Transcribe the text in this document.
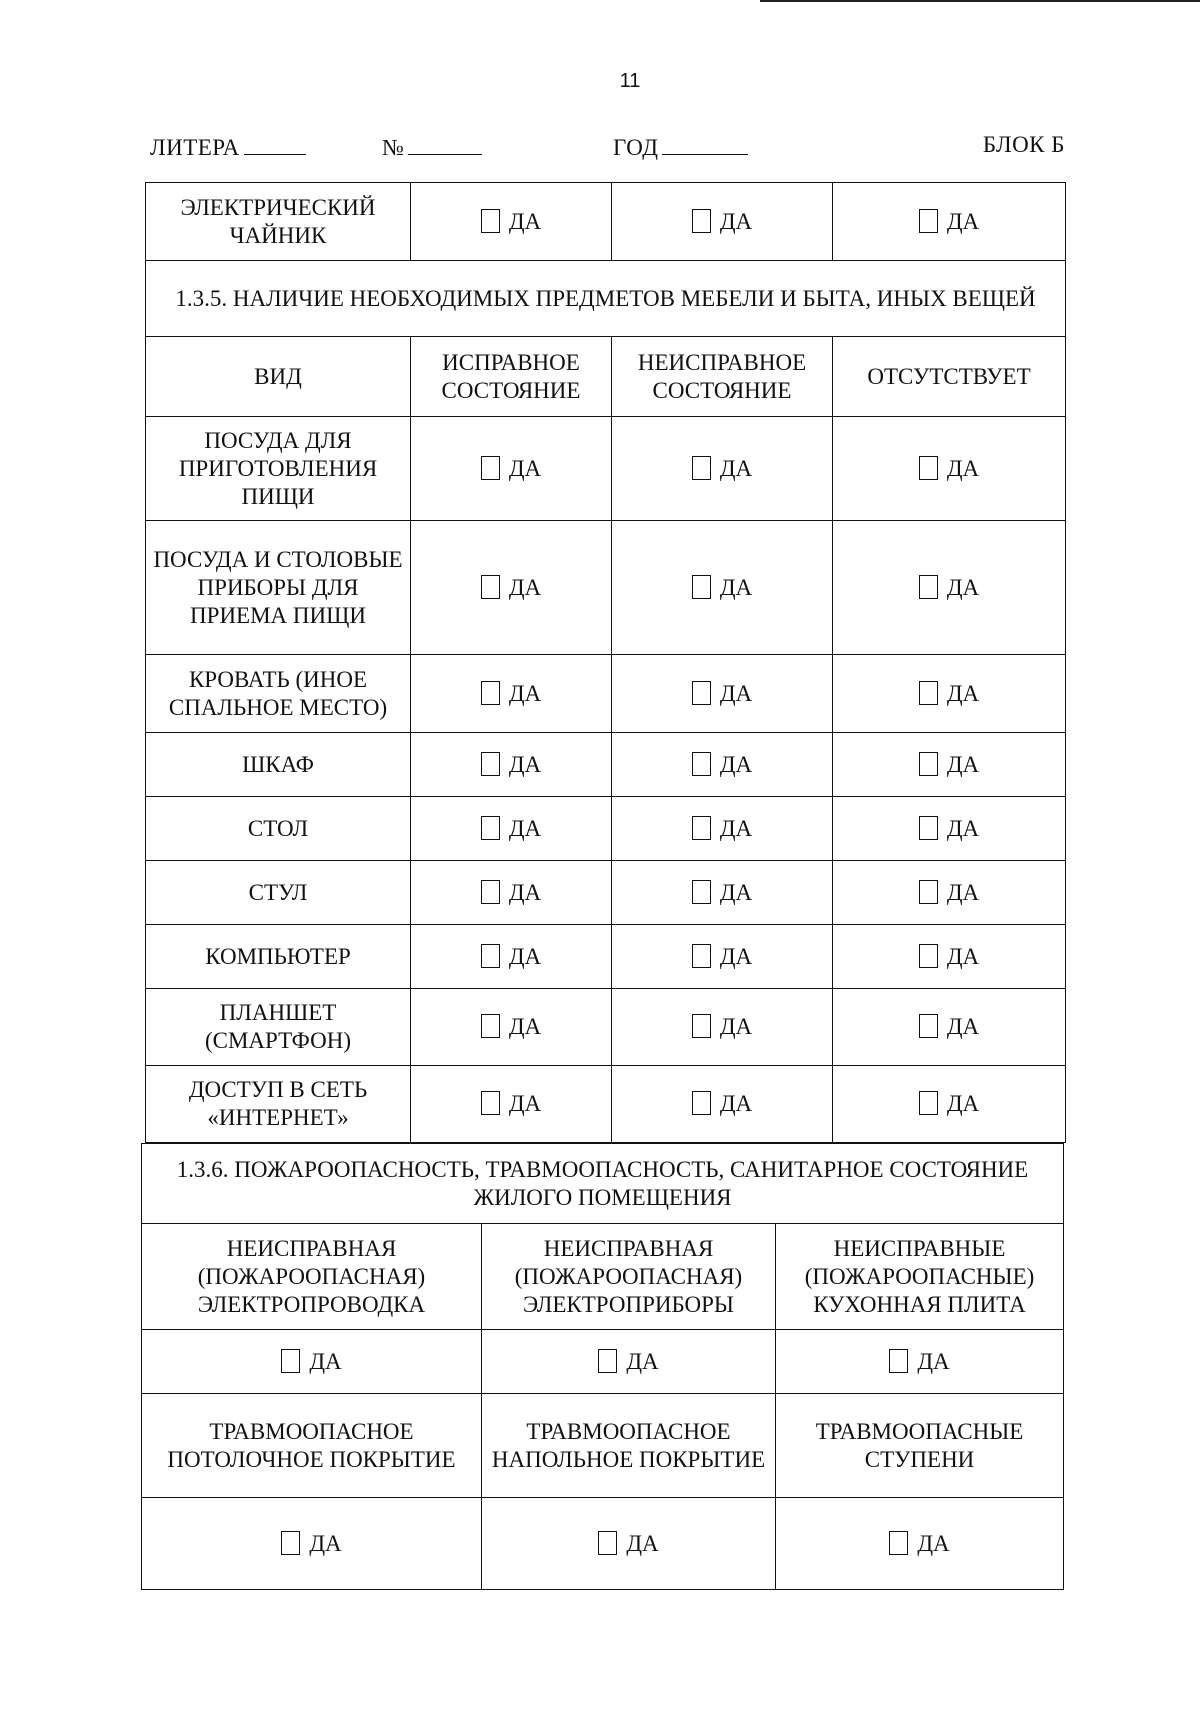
11
ЛИТЕРА	№	ГОД	БЛОК Б
ЭЛЕКТРИЧЕСКИЙ ЧАЙНИК	ДА	ДА	ДА
1.3.5. НАЛИЧИЕ НЕОБХОДИМЫХ ПРЕДМЕТОВ МЕБЕЛИ И БЫТА, ИНЫХ ВЕЩЕЙ			
ВИД	ИСПРАВНОЕ СОСТОЯНИЕ	НЕИСПРАВНОЕ СОСТОЯНИЕ	ОТСУТСТВУЕТ
ПОСУДА ДЛЯ ПРИГОТОВЛЕНИЯ ПИЩИ	ДА	ДА	ДА
ПОСУДА И СТОЛОВЫЕ ПРИБОРЫ ДЛЯ ПРИЕМА ПИЩИ	ДА	ДА	ДА
КРОВАТЬ (ИНОЕ СПАЛЬНОЕ МЕСТО)	ДА	ДА	ДА
ШКАФ	ДА	ДА	ДА
СТОЛ	ДА	ДА	ДА
СТУЛ	ДА	ДА	ДА
КОМПЬЮТЕР	ДА	ДА	ДА
ПЛАНШЕТ (СМАРТФОН)	ДА	ДА	ДА
ДОСТУП В СЕТЬ «ИНТЕРНЕТ»	ДА	ДА	ДА
1.3.6. ПОЖАРООПАСНОСТЬ, ТРАВМООПАСНОСТЬ, САНИТАРНОЕ СОСТОЯНИЕ ЖИЛОГО ПОМЕЩЕНИЯ		
НЕИСПРАВНАЯ (ПОЖАРООПАСНАЯ) ЭЛЕКТРОПРОВОДКА	НЕИСПРАВНАЯ (ПОЖАРООПАСНАЯ) ЭЛЕКТРОПРИБОРЫ	НЕИСПРАВНЫЕ (ПОЖАРООПАСНЫЕ) КУХОННАЯ ПЛИТА
ДА	ДА	ДА
ТРАВМООПАСНОЕ ПОТОЛОЧНОЕ ПОКРЫТИЕ	ТРАВМООПАСНОЕ НАПОЛЬНОЕ ПОКРЫТИЕ	ТРАВМООПАСНЫЕ СТУПЕНИ
ДА	ДА	ДА
